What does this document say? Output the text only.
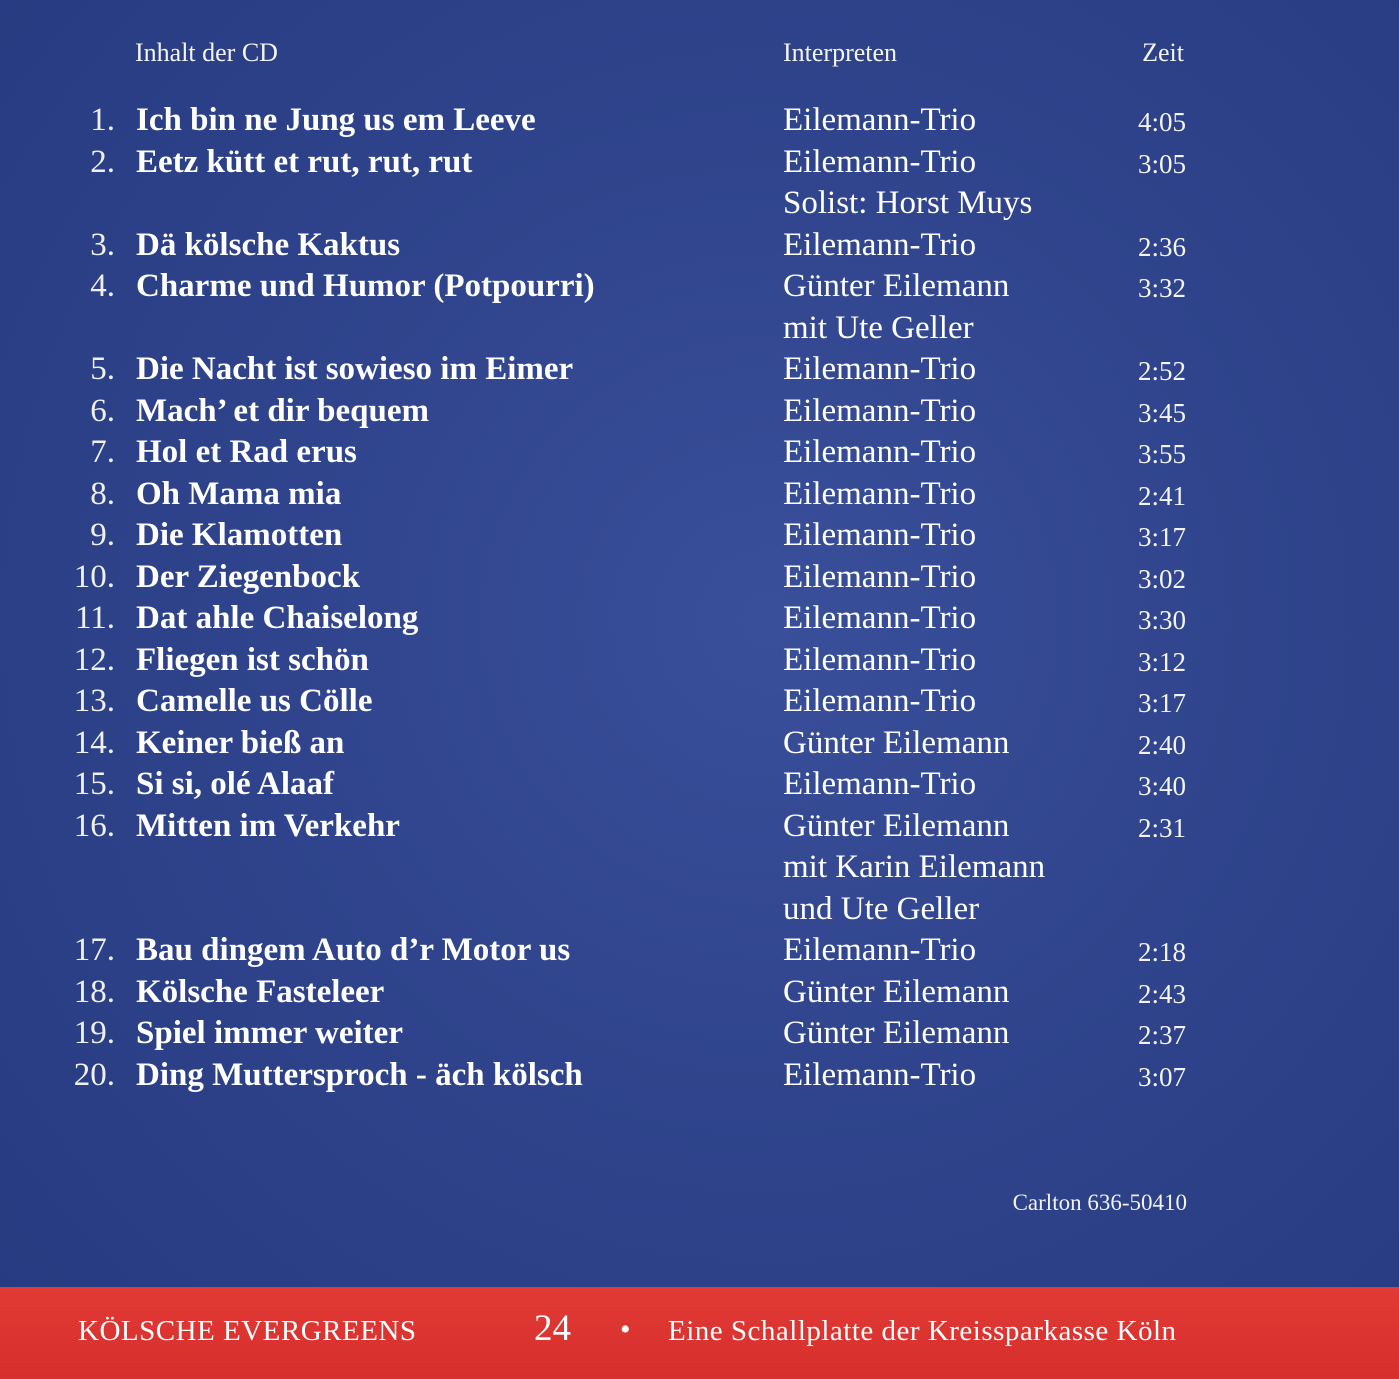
Inhalt der CD	Interpreten	Zeit
1. Ich bin ne Jung us em Leeve	Eilemann-Trio	4:05
2. Eetz kütt et rut, rut, rut	Eilemann-Trio	3:05
Solist: Horst Muys
3. Dä kölsche Kaktus	Eilemann-Trio	2:36
4. Charme und Humor (Potpourri)	Günter Eilemann	3:32
mit Ute Geller
5. Die Nacht ist sowieso im Eimer	Eilemann-Trio	2:52
6. Mach’ et dir bequem	Eilemann-Trio	3:45
7. Hol et Rad erus	Eilemann-Trio	3:55
8. Oh Mama mia	Eilemann-Trio	2:41
9. Die Klamotten	Eilemann-Trio	3:17
10. Der Ziegenbock	Eilemann-Trio	3:02
11. Dat ahle Chaiselong	Eilemann-Trio	3:30
12. Fliegen ist schön	Eilemann-Trio	3:12
13. Camelle us Cölle	Eilemann-Trio	3:17
14. Keiner bieß an	Günter Eilemann	2:40
15. Si si, olé Alaaf	Eilemann-Trio	3:40
16. Mitten im Verkehr	Günter Eilemann	2:31
mit Karin Eilemann
und Ute Geller
17. Bau dingem Auto d’r Motor us	Eilemann-Trio	2:18
18. Kölsche Fasteleer	Günter Eilemann	2:43
19. Spiel immer weiter	Günter Eilemann	2:37
20. Ding Muttersproch - äch kölsch	Eilemann-Trio	3:07
Carlton 636-50410
KÖLSCHE EVERGREENS	24 • Eine Schallplatte der Kreissparkasse Köln
